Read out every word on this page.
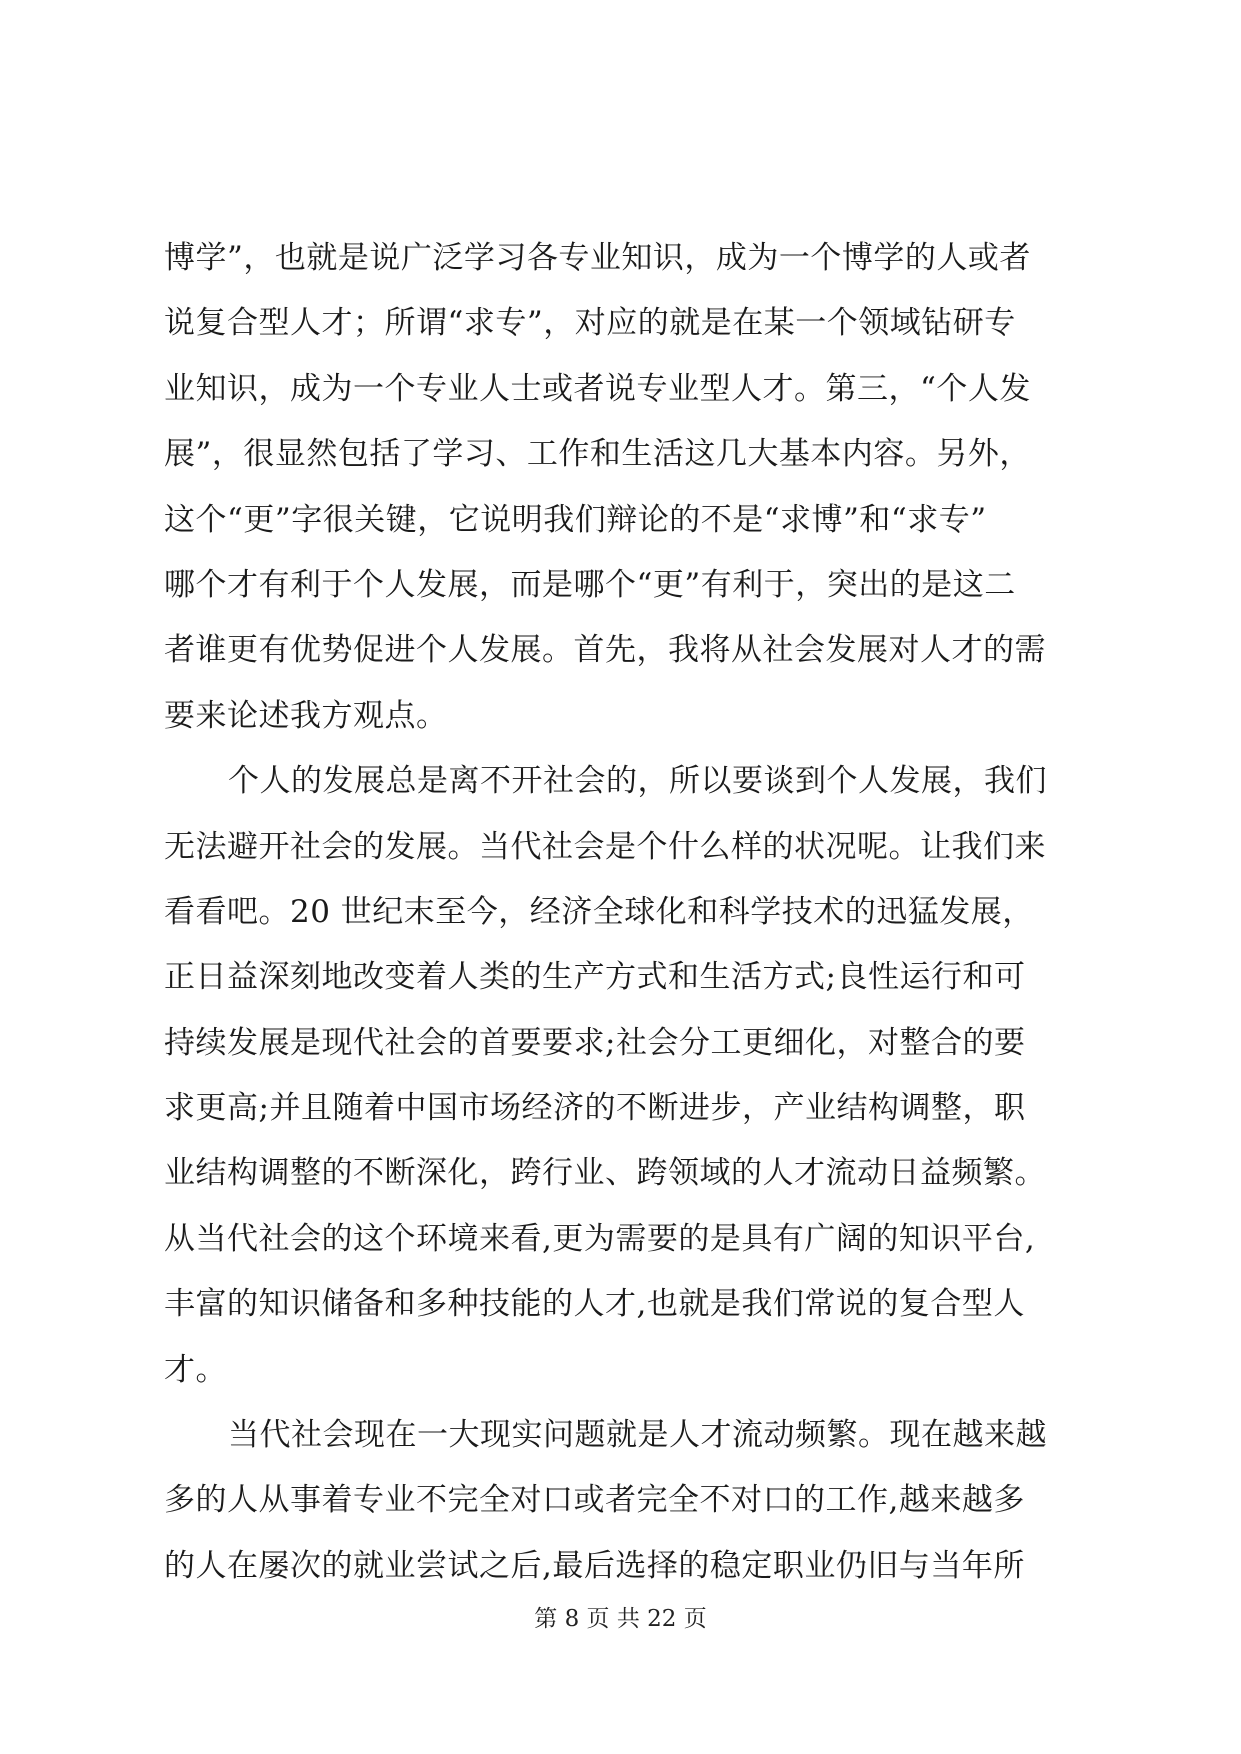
博学”，也就是说广泛学习各专业知识，成为一个博学的人或者
说复合型人才；所谓“求专”，对应的就是在某一个领域钻研专
业知识，成为一个专业人士或者说专业型人才。第三，“个人发
展”，很显然包括了学习、工作和生活这几大基本内容。另外，
这个“更”字很关键，它说明我们辩论的不是“求博”和“求专”
哪个才有利于个人发展，而是哪个“更”有利于，突出的是这二
者谁更有优势促进个人发展。首先，我将从社会发展对人才的需
要来论述我方观点。
个人的发展总是离不开社会的，所以要谈到个人发展，我们
无法避开社会的发展。当代社会是个什么样的状况呢。让我们来
看看吧。20 世纪末至今，经济全球化和科学技术的迅猛发展，
正日益深刻地改变着人类的生产方式和生活方式;良性运行和可
持续发展是现代社会的首要要求;社会分工更细化，对整合的要
求更高;并且随着中国市场经济的不断进步，产业结构调整，职
业结构调整的不断深化，跨行业、跨领域的人才流动日益频繁。
从当代社会的这个环境来看,更为需要的是具有广阔的知识平台,
丰富的知识储备和多种技能的人才,也就是我们常说的复合型人
才。
当代社会现在一大现实问题就是人才流动频繁。现在越来越
多的人从事着专业不完全对口或者完全不对口的工作,越来越多
的人在屡次的就业尝试之后,最后选择的稳定职业仍旧与当年所
第 8 页 共 22 页
